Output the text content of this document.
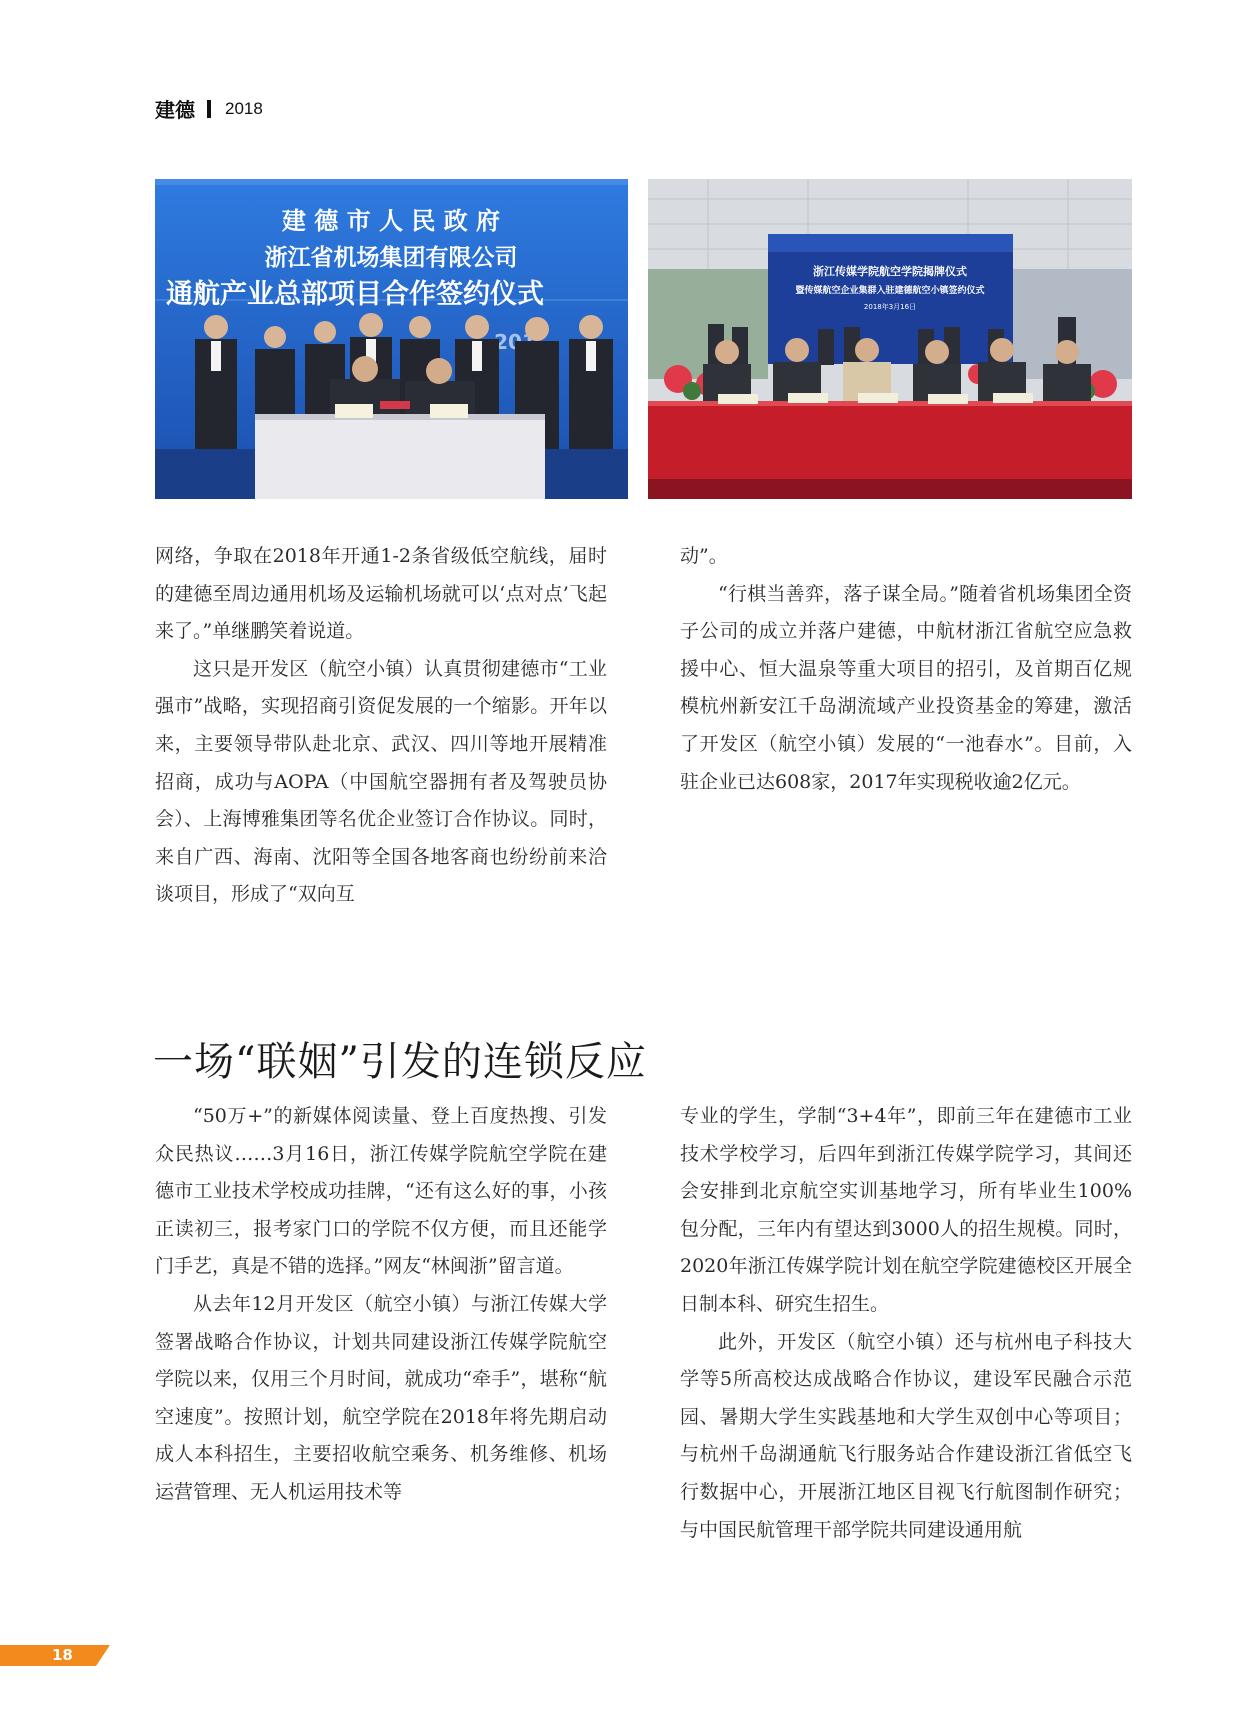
建德 2018
建 德 市 人 民 政 府
浙江省机场集团有限公司
通航产业总部项目合作签约仪式
浙江传媒学院航空学院揭牌仪式
暨传媒航空企业集群入驻建德航空小镇签约仪式
2018年3月16日

网络，争取在2018年开通1-2条省级低空航线，届时的建德至周边通用机场及运输机场就可以‘点对点’飞起来了。”单继鹏笑着说道。

这只是开发区（航空小镇）认真贯彻建德市“工业强市”战略，实现招商引资促发展的一个缩影。开年以来，主要领导带队赴北京、武汉、四川等地开展精准招商，成功与AOPA（中国航空器拥有者及驾驶员协会）、上海博雅集团等名优企业签订合作协议。同时，来自广西、海南、沈阳等全国各地客商也纷纷前来洽谈项目，形成了“双向互

动”。

“行棋当善弈，落子谋全局。”随着省机场集团全资子公司的成立并落户建德，中航材浙江省航空应急救援中心、恒大温泉等重大项目的招引，及首期百亿规模杭州新安江千岛湖流域产业投资基金的筹建，激活了开发区（航空小镇）发展的“一池春水”。目前，入驻企业已达608家，2017年实现税收逾2亿元。

一场“联姻”引发的连锁反应

“50万+”的新媒体阅读量、登上百度热搜、引发众民热议……3月16日，浙江传媒学院航空学院在建德市工业技术学校成功挂牌，“还有这么好的事，小孩正读初三，报考家门口的学院不仅方便，而且还能学门手艺，真是不错的选择。”网友“林闽浙”留言道。

从去年12月开发区（航空小镇）与浙江传媒大学签署战略合作协议，计划共同建设浙江传媒学院航空学院以来，仅用三个月时间，就成功“牵手”，堪称“航空速度”。按照计划，航空学院在2018年将先期启动成人本科招生，主要招收航空乘务、机务维修、机场运营管理、无人机运用技术等

专业的学生，学制“3+4年”，即前三年在建德市工业技术学校学习，后四年到浙江传媒学院学习，其间还会安排到北京航空实训基地学习，所有毕业生100%包分配，三年内有望达到3000人的招生规模。同时，2020年浙江传媒学院计划在航空学院建德校区开展全日制本科、研究生招生。

此外，开发区（航空小镇）还与杭州电子科技大学等5所高校达成战略合作协议，建设军民融合示范园、暑期大学生实践基地和大学生双创中心等项目；与杭州千岛湖通航飞行服务站合作建设浙江省低空飞行数据中心，开展浙江地区目视飞行航图制作研究；与中国民航管理干部学院共同建设通用航

18
